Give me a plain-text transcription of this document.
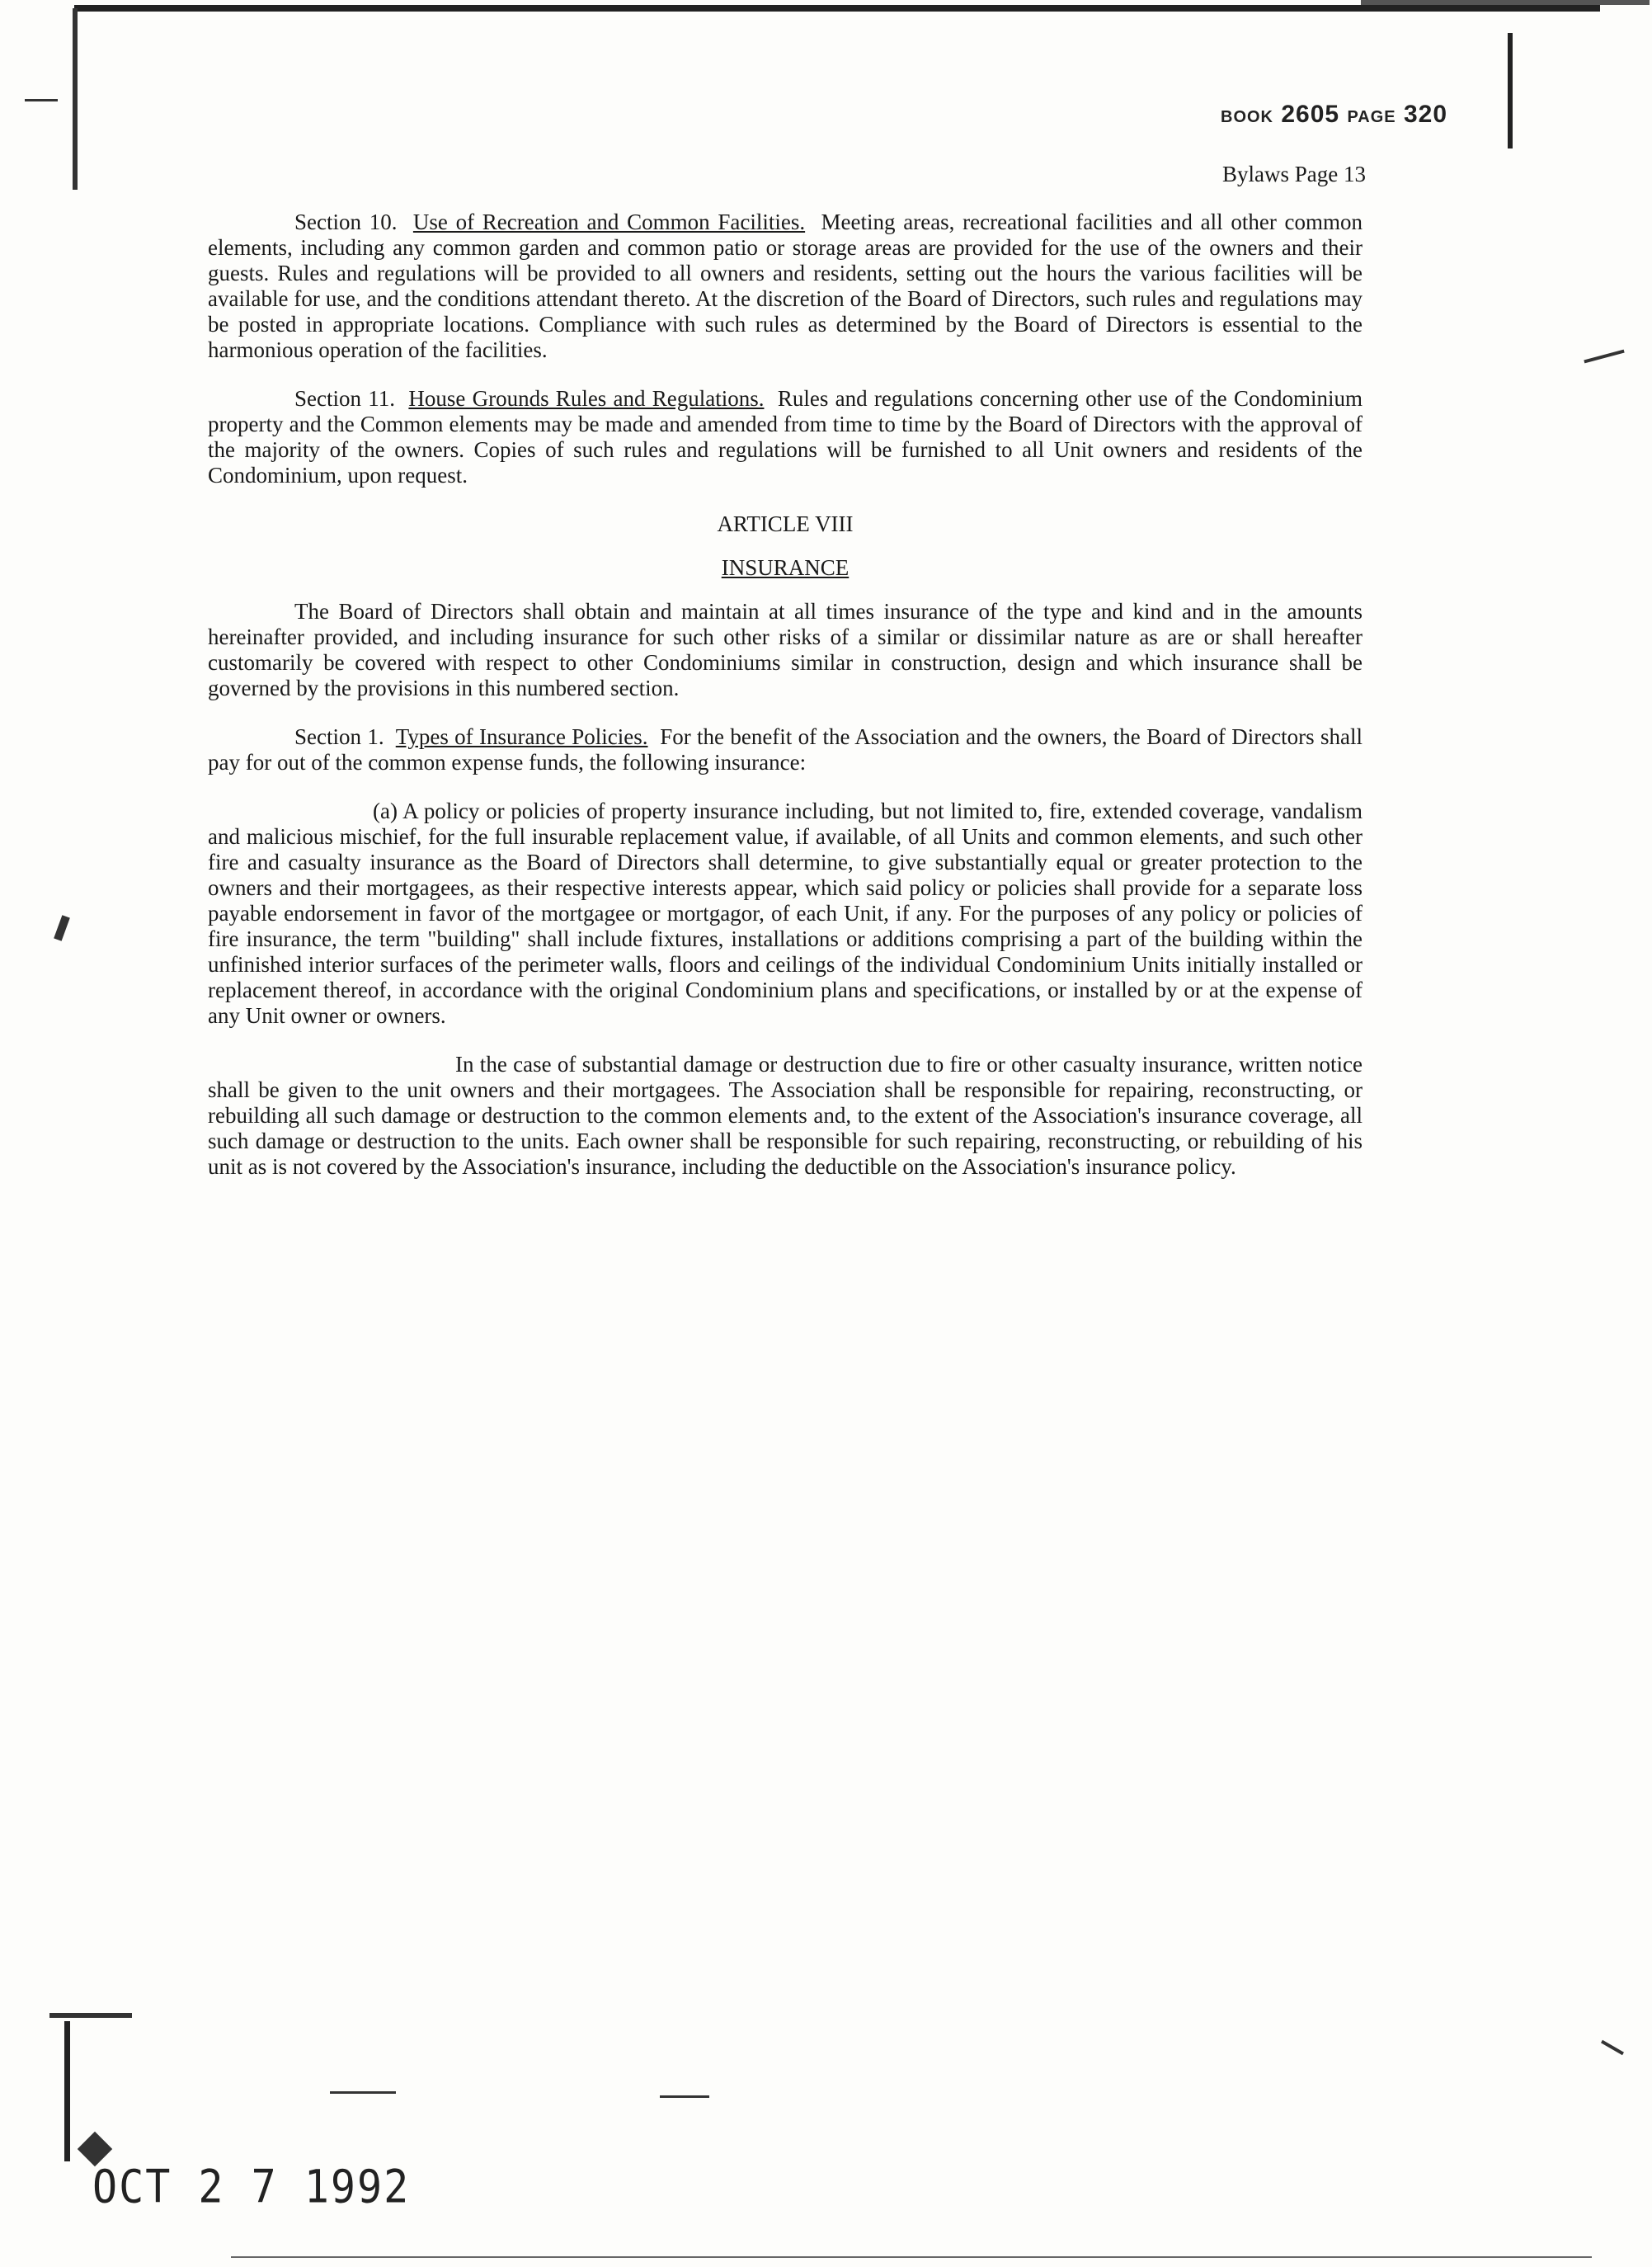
BOOK 2605 PAGE 320
Bylaws Page 13

Section 10. Use of Recreation and Common Facilities. Meeting areas, recreational facilities and all other common elements, including any common garden and common patio or storage areas are provided for the use of the owners and their guests. Rules and regulations will be provided to all owners and residents, setting out the hours the various facilities will be available for use, and the conditions attendant thereto. At the discretion of the Board of Directors, such rules and regulations may be posted in appropriate locations. Compliance with such rules as determined by the Board of Directors is essential to the harmonious operation of the facilities.

Section 11. House Grounds Rules and Regulations. Rules and regulations concerning other use of the Condominium property and the Common elements may be made and amended from time to time by the Board of Directors with the approval of the majority of the owners. Copies of such rules and regulations will be furnished to all Unit owners and residents of the Condominium, upon request.

ARTICLE VIII

INSURANCE

The Board of Directors shall obtain and maintain at all times insurance of the type and kind and in the amounts hereinafter provided, and including insurance for such other risks of a similar or dissimilar nature as are or shall hereafter customarily be covered with respect to other Condominiums similar in construction, design and which insurance shall be governed by the provisions in this numbered section.

Section 1. Types of Insurance Policies. For the benefit of the Association and the owners, the Board of Directors shall pay for out of the common expense funds, the following insurance:

(a) A policy or policies of property insurance including, but not limited to, fire, extended coverage, vandalism and malicious mischief, for the full insurable replacement value, if available, of all Units and common elements, and such other fire and casualty insurance as the Board of Directors shall determine, to give substantially equal or greater protection to the owners and their mortgagees, as their respective interests appear, which said policy or policies shall provide for a separate loss payable endorsement in favor of the mortgagee or mortgagor, of each Unit, if any. For the purposes of any policy or policies of fire insurance, the term "building" shall include fixtures, installations or additions comprising a part of the building within the unfinished interior surfaces of the perimeter walls, floors and ceilings of the individual Condominium Units initially installed or replacement thereof, in accordance with the original Condominium plans and specifications, or installed by or at the expense of any Unit owner or owners.

In the case of substantial damage or destruction due to fire or other casualty insurance, written notice shall be given to the unit owners and their mortgagees. The Association shall be responsible for repairing, reconstructing, or rebuilding all such damage or destruction to the common elements and, to the extent of the Association's insurance coverage, all such damage or destruction to the units. Each owner shall be responsible for such repairing, reconstructing, or rebuilding of his unit as is not covered by the Association's insurance, including the deductible on the Association's insurance policy.

OCT 2 7 1992
